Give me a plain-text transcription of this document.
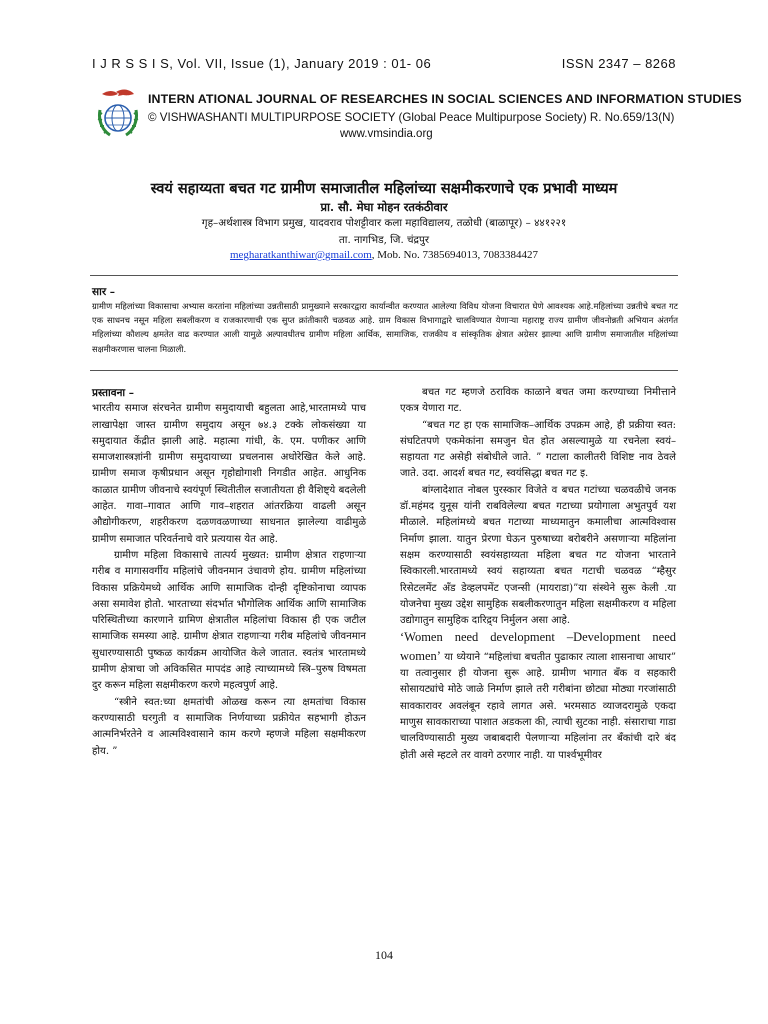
I J R S S I S, Vol. VII, Issue (1), January 2019 : 01- 06	ISSN 2347 – 8268
INTERN ATIONAL JOURNAL OF RESEARCHES IN SOCIAL SCIENCES AND INFORMATION STUDIES
© VISHWASHANTI MULTIPURPOSE SOCIETY (Global Peace Multipurpose Society) R. No.659/13(N)
www.vmsindia.org
स्वयं सहाय्यता बचत गट ग्रामीण समाजातील महिलांच्या सक्षमीकरणाचे एक प्रभावी माध्यम
प्रा. सौ. मेघा मोहन रतकंठीवार
गृह–अर्थशास्त्र विभाग प्रमुख, यादवराव पोशट्टीवार कला महाविद्यालय, तळोधी (बाळापूर) – ४४१२२१
ता. नागभिड, जि. चंद्रपुर
megharatkanthiwar@gmail.com, Mob. No. 7385694013, 7083384427
सार –
ग्रामीण महिलांच्या विकासाचा अभ्यास करतांना महिलांच्या उन्नतीसाठी प्रामुख्याने सरकारद्वारा कार्यान्वीत करण्यात आलेल्या विविध योजना विचारात घेणे आवश्यक आहे.महिलांच्या उन्नतीचे बचत गट एक साधनच नसून महिला सबलीकरण व राजकारणाची एक सुप्त क्रांतीकारी चळवळ आहे. ग्राम विकास विभागाद्वारे चालविण्यात येणाऱ्या महाराष्ट्र राज्य ग्रामीण जीवनोन्नती अभियान अंतर्गत महिलांच्या कौशल्य क्षमतेत वाढ करण्यात आली यामुळे अल्पावधीतच ग्रामीण महिला आर्थिक, सामाजिक, राजकीय व सांस्कृतिक क्षेत्रात अग्रेसर झाल्या आणि ग्रामीण समाजातील महिलांच्या सक्षमीकरणास चालना मिळाली.

प्रस्तावना –

भारतीय समाज संरचनेत ग्रामीण समुदायाची बहुलता आहे,भारतामध्ये पाच लाखापेक्षा जास्त ग्रामीण समुदाय असून ७४.३ टक्के लोकसंख्या या समुदायात केंद्रीत झाली आहे. महात्मा गांधी, के. एम. पणीकर आणि समाजशास्त्रज्ञांनी ग्रामीण समुदायाच्या प्रचलनास अधोरेखित केले आहे. ग्रामीण समाज कृषीप्रधान असून गृहोद्योगाशी निगडीत आहेत. आधुनिक काळात ग्रामीण जीवनाचे स्वयंपूर्ण स्थितीतील सजातीयता ही वैशिष्ट्ये बदलेली आहेत. गावा–गावात आणि गाव–शहरात आंतरक्रिया वाढली असून औद्योगीकरण, शहरीकरण दळणवळणाच्या साधनात झालेल्या वाढीमुळे ग्रामीण समाजात परिवर्तनाचे वारे प्रत्ययास येत आहे.

ग्रामीण महिला विकासाचे तात्पर्य मुख्यत: ग्रामीण क्षेत्रात राहणाऱ्या गरीब व मागासवर्गीय महिलांचे जीवनमान उंचावणे होय. ग्रामीण महिलांच्या विकास प्रक्रियेमध्ये आर्थिक आणि सामाजिक दोन्ही दृष्टिकोनाचा व्यापक असा समावेश होतो. भारताच्या संदर्भात भौगोलिक आर्थिक आणि सामाजिक परिस्थितीच्या कारणाने ग्रामिण क्षेत्रातील महिलांचा विकास ही एक जटील सामाजिक समस्या आहे. ग्रामीण क्षेत्रात राहणाऱ्या गरीब महिलांचे जीवनमान सुधारण्यासाठी पुष्कळ कार्यक्रम आयोजित केले जातात. स्वतंत्र भारतामध्ये ग्रामीण क्षेत्राचा जो अविकसित मापदंड आहे त्याच्यामध्ये स्त्रि–पुरुष विषमता दुर करून महिला सक्षमीकरण करणे महत्वपुर्ण आहे.

“स्त्रीने स्वत:च्या क्षमतांची ओळख करून त्या क्षमतांचा विकास करण्यासाठी घरगुती व सामाजिक निर्णयाच्या प्रक्रीयेत सहभागी होऊन आत्मनिर्भरतेने व आत्मविश्वासाने काम करणे म्हणजे महिला सक्षमीकरण होय. ”

बचत गट म्हणजे ठराविक काळाने बचत जमा करण्याच्या निमीत्ताने एकत्र येणारा गट.

“बचत गट हा एक सामाजिक–आर्थिक उपक्रम आहे, ही प्रक्रीया स्वत: संघटितपणे एकमेकांना समजुन घेत होत असल्यामुळे या रचनेला स्वयं–सहायता गट असेही संबोधीले जाते. ” गटाला कालीतरी विशिष्ट नाव ठेवले जाते. उदा. आदर्श बचत गट, स्वयंसिद्धा बचत गट इ.

बांग्लादेशात नोबल पुरस्कार विजेते व बचत गटांच्या चळवळीचे जनक डॉ.महंमद युनूस यांनी राबविलेल्या बचत गटाच्या प्रयोगाला अभुतपुर्व यश मीळाले. महिलांमध्ये बचत गटाच्या माध्यमातुन कमालीचा आत्मविश्वास निर्माण झाला. यातुन प्रेरणा घेऊन पुरुषाच्या बरोबरीने असणाऱ्या महिलांना सक्षम करण्यासाठी स्वयंसहाय्यता महिला बचत गट योजना भारताने स्विकारली.भारतामध्ये स्वयं सहाय्यता बचत गटाची चळवळ “म्हैसुर रिसेटलमेंट अँड डेव्हलपमेंट एजन्सी (मायराडा)”या संस्थेने सुरू केली .या योजनेचा मुख्य उद्देश सामुहिक सबलीकरणातुन महिला सक्षमीकरण व महिला उद्योगातुन सामुहिक दारिद्र्य निर्मुलन असा आहे.

‘Women need development –Development need women’ या ध्येयाने “महिलांचा बचतीत पुढाकार त्याला शासनाचा आधार” या तत्वानुसार ही योजना सुरू आहे. ग्रामीण भागात बँक व सहकारी सोसायट्यांचे मोठे जाळे निर्माण झाले तरी गरीबांना छोट्या मोठ्या गरजांसाठी सावकारावर अवलंबून रहावे लागत असे. भरमसाठ व्याजदरामुळे एकदा माणुस सावकाराच्या पाशात अडकला की, त्याची सुटका नाही. संसाराचा गाडा चालविण्यासाठी मुख्य जबाबदारी पेलणाऱ्या महिलांना तर बँकांची दारे बंद होती असे म्हटले तर वावगे ठरणार नाही. या पार्श्वभूमीवर

104
